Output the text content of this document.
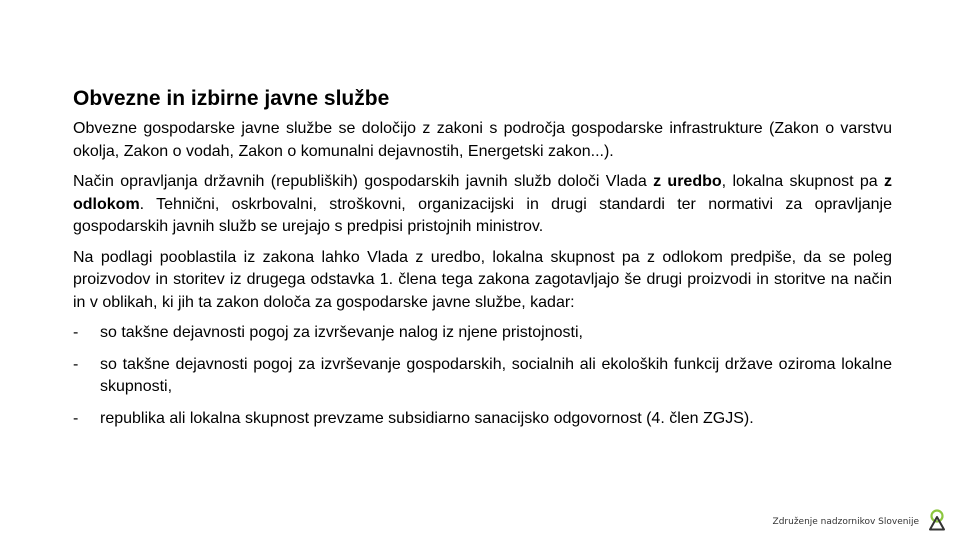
Obvezne in izbirne javne službe

Obvezne gospodarske javne službe se določijo z zakoni s področja gospodarske infrastrukture (Zakon o varstvu okolja, Zakon o vodah, Zakon o komunalni dejavnostih, Energetski zakon...).

Način opravljanja državnih (republiških) gospodarskih javnih služb določi Vlada z uredbo, lokalna skupnost pa z odlokom. Tehnični, oskrbovalni, stroškovni, organizacijski in drugi standardi ter normativi za opravljanje gospodarskih javnih služb se urejajo s predpisi pristojnih ministrov.

Na podlagi pooblastila iz zakona lahko Vlada z uredbo, lokalna skupnost pa z odlokom predpiše, da se poleg proizvodov in storitev iz drugega odstavka 1. člena tega zakona zagotavljajo še drugi proizvodi in storitve na način in v oblikah, ki jih ta zakon določa za gospodarske javne službe, kadar:

- so takšne dejavnosti pogoj za izvrševanje nalog iz njene pristojnosti,
- so takšne dejavnosti pogoj za izvrševanje gospodarskih, socialnih ali ekoloških funkcij države oziroma lokalne skupnosti,
- republika ali lokalna skupnost prevzame subsidiarno sanacijsko odgovornost (4. člen ZGJS).
Združenje nadzornikov Slovenije
